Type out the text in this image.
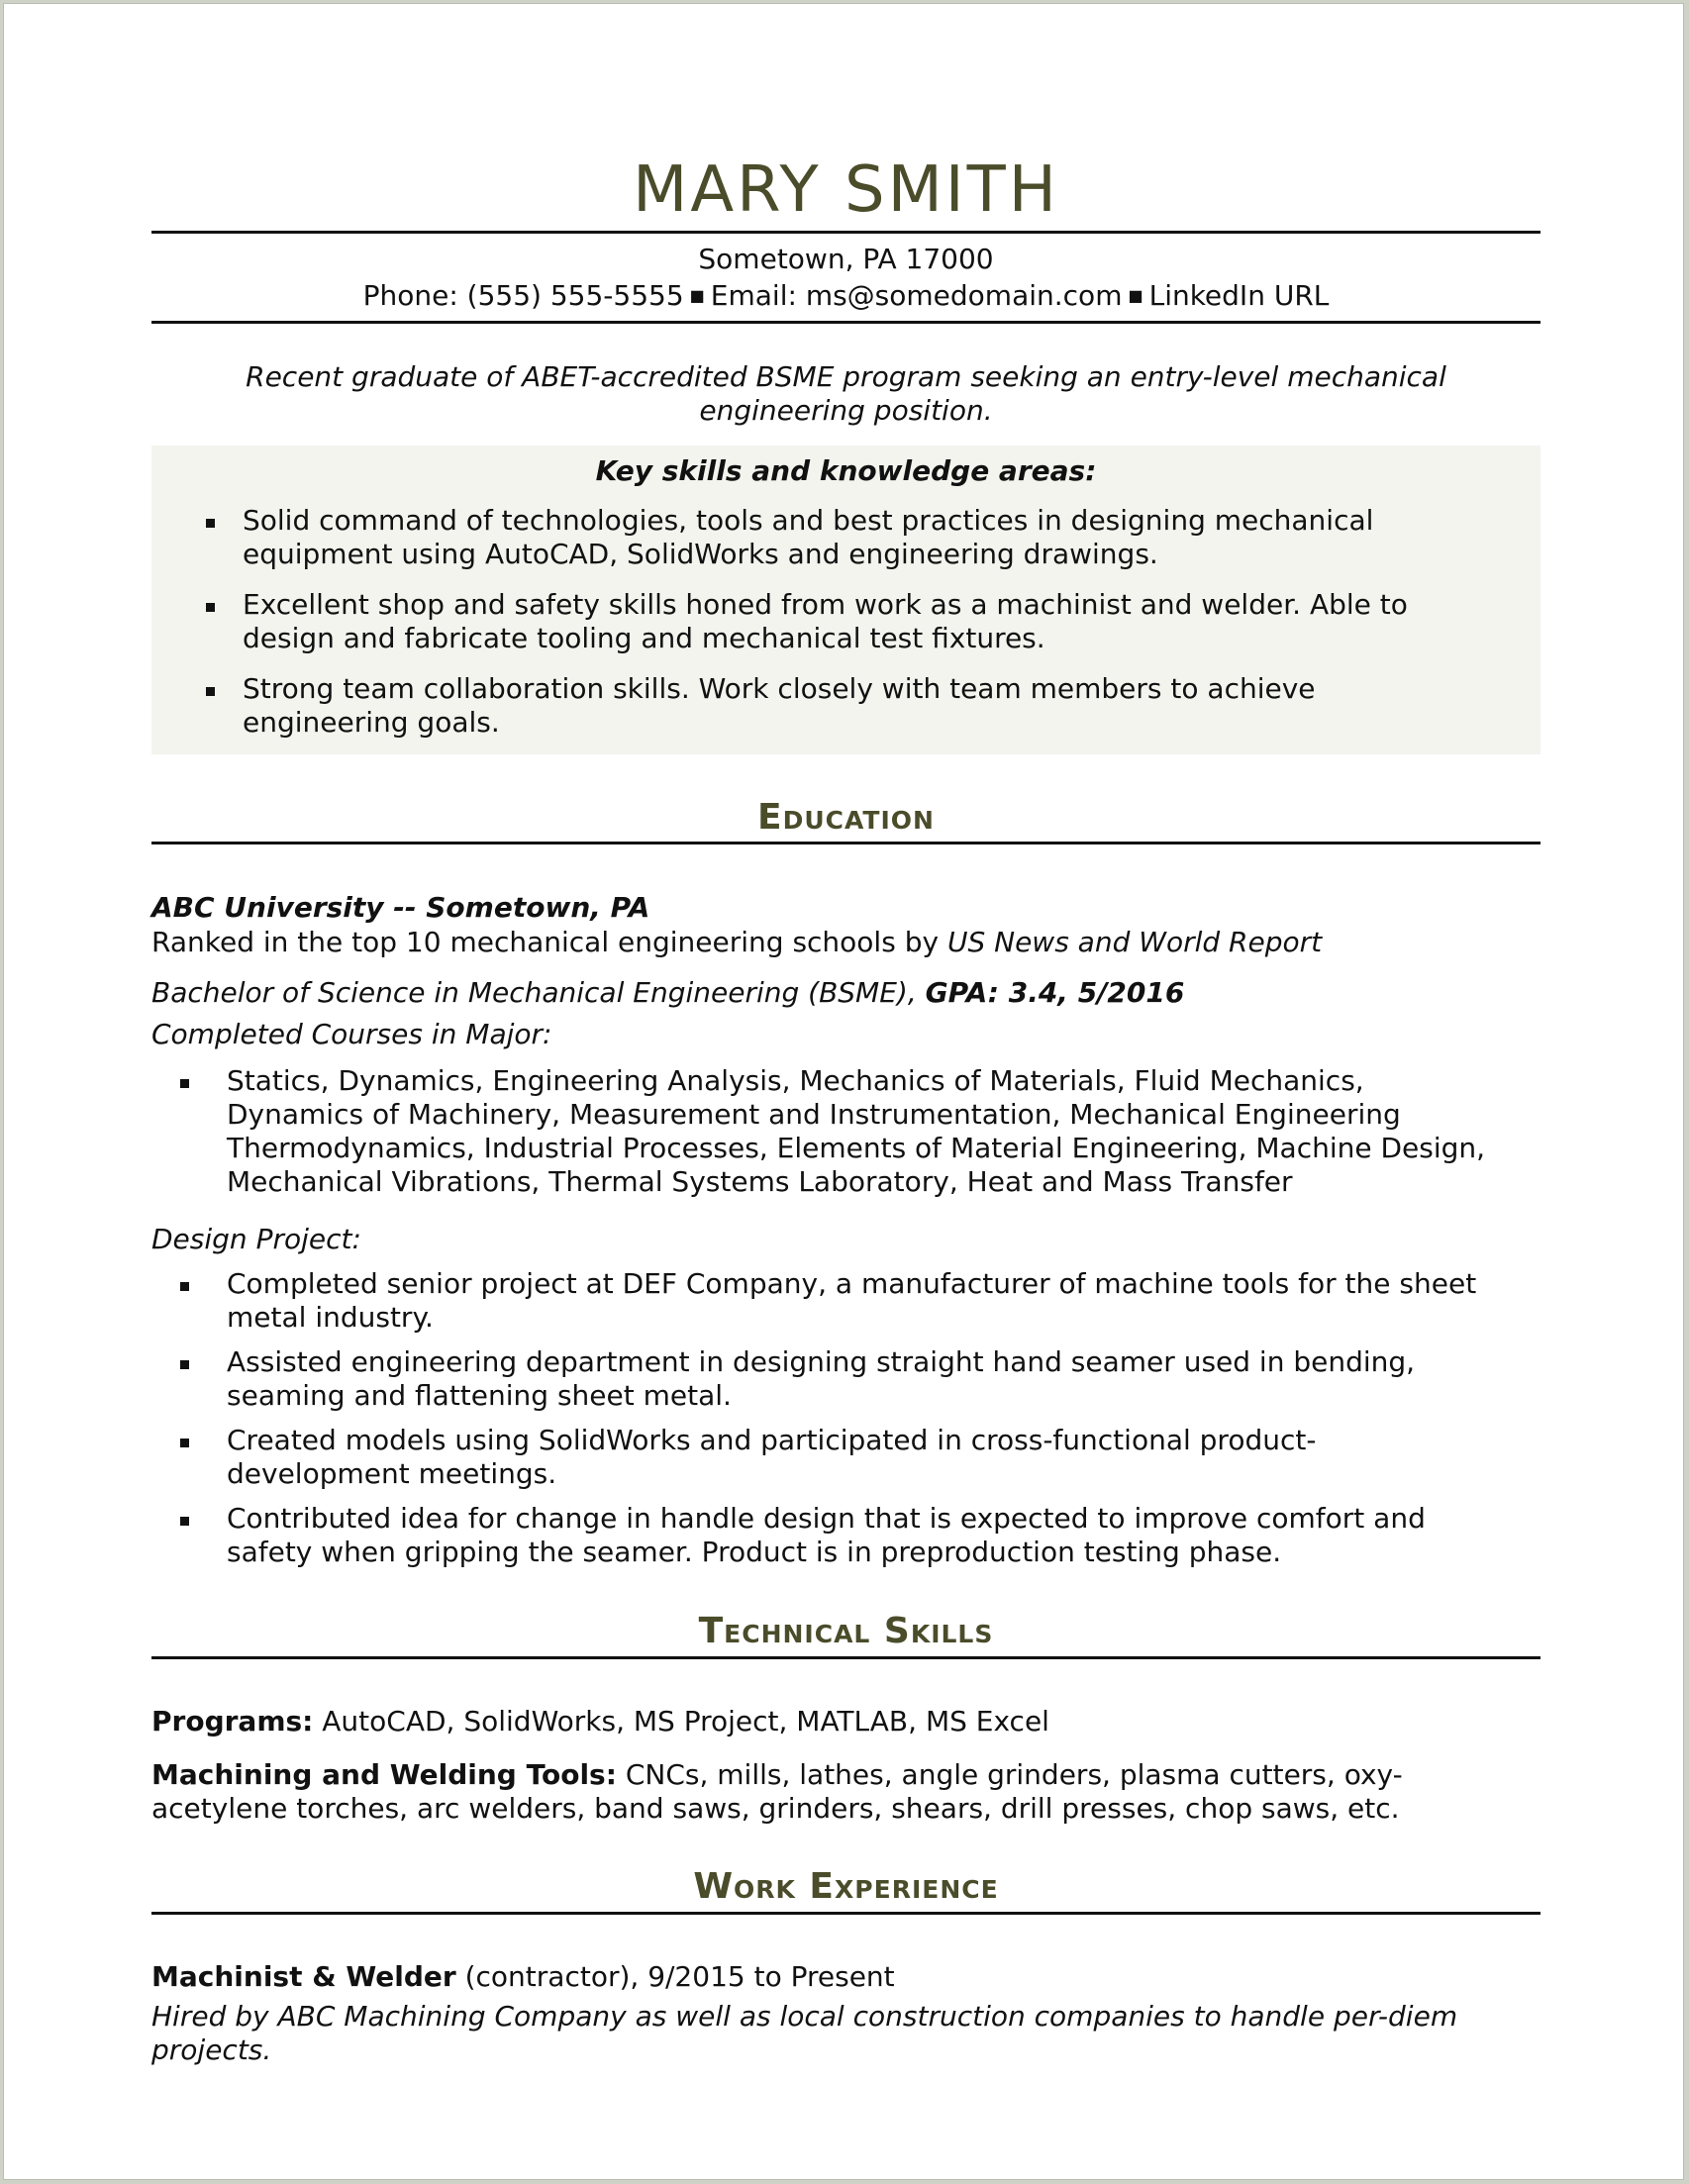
MARY SMITH
Sometown, PA 17000
Phone: (555) 555-5555 ■ Email: ms@somedomain.com ■ LinkedIn URL
Recent graduate of ABET-accredited BSME program seeking an entry-level mechanical
engineering position.
Key skills and knowledge areas:
Solid command of technologies, tools and best practices in designing mechanical
equipment using AutoCAD, SolidWorks and engineering drawings.
Excellent shop and safety skills honed from work as a machinist and welder. Able to
design and fabricate tooling and mechanical test fixtures.
Strong team collaboration skills. Work closely with team members to achieve
engineering goals.
Education
ABC University -- Sometown, PA
Ranked in the top 10 mechanical engineering schools by US News and World Report
Bachelor of Science in Mechanical Engineering (BSME), GPA: 3.4, 5/2016
Completed Courses in Major:
Statics, Dynamics, Engineering Analysis, Mechanics of Materials, Fluid Mechanics,
Dynamics of Machinery, Measurement and Instrumentation, Mechanical Engineering
Thermodynamics, Industrial Processes, Elements of Material Engineering, Machine Design,
Mechanical Vibrations, Thermal Systems Laboratory, Heat and Mass Transfer
Design Project:
Completed senior project at DEF Company, a manufacturer of machine tools for the sheet
metal industry.
Assisted engineering department in designing straight hand seamer used in bending,
seaming and flattening sheet metal.
Created models using SolidWorks and participated in cross-functional product-
development meetings.
Contributed idea for change in handle design that is expected to improve comfort and
safety when gripping the seamer. Product is in preproduction testing phase.
Technical Skills
Programs: AutoCAD, SolidWorks, MS Project, MATLAB, MS Excel
Machining and Welding Tools: CNCs, mills, lathes, angle grinders, plasma cutters, oxy-
acetylene torches, arc welders, band saws, grinders, shears, drill presses, chop saws, etc.
Work Experience
Machinist & Welder (contractor), 9/2015 to Present
Hired by ABC Machining Company as well as local construction companies to handle per-diem
projects.
